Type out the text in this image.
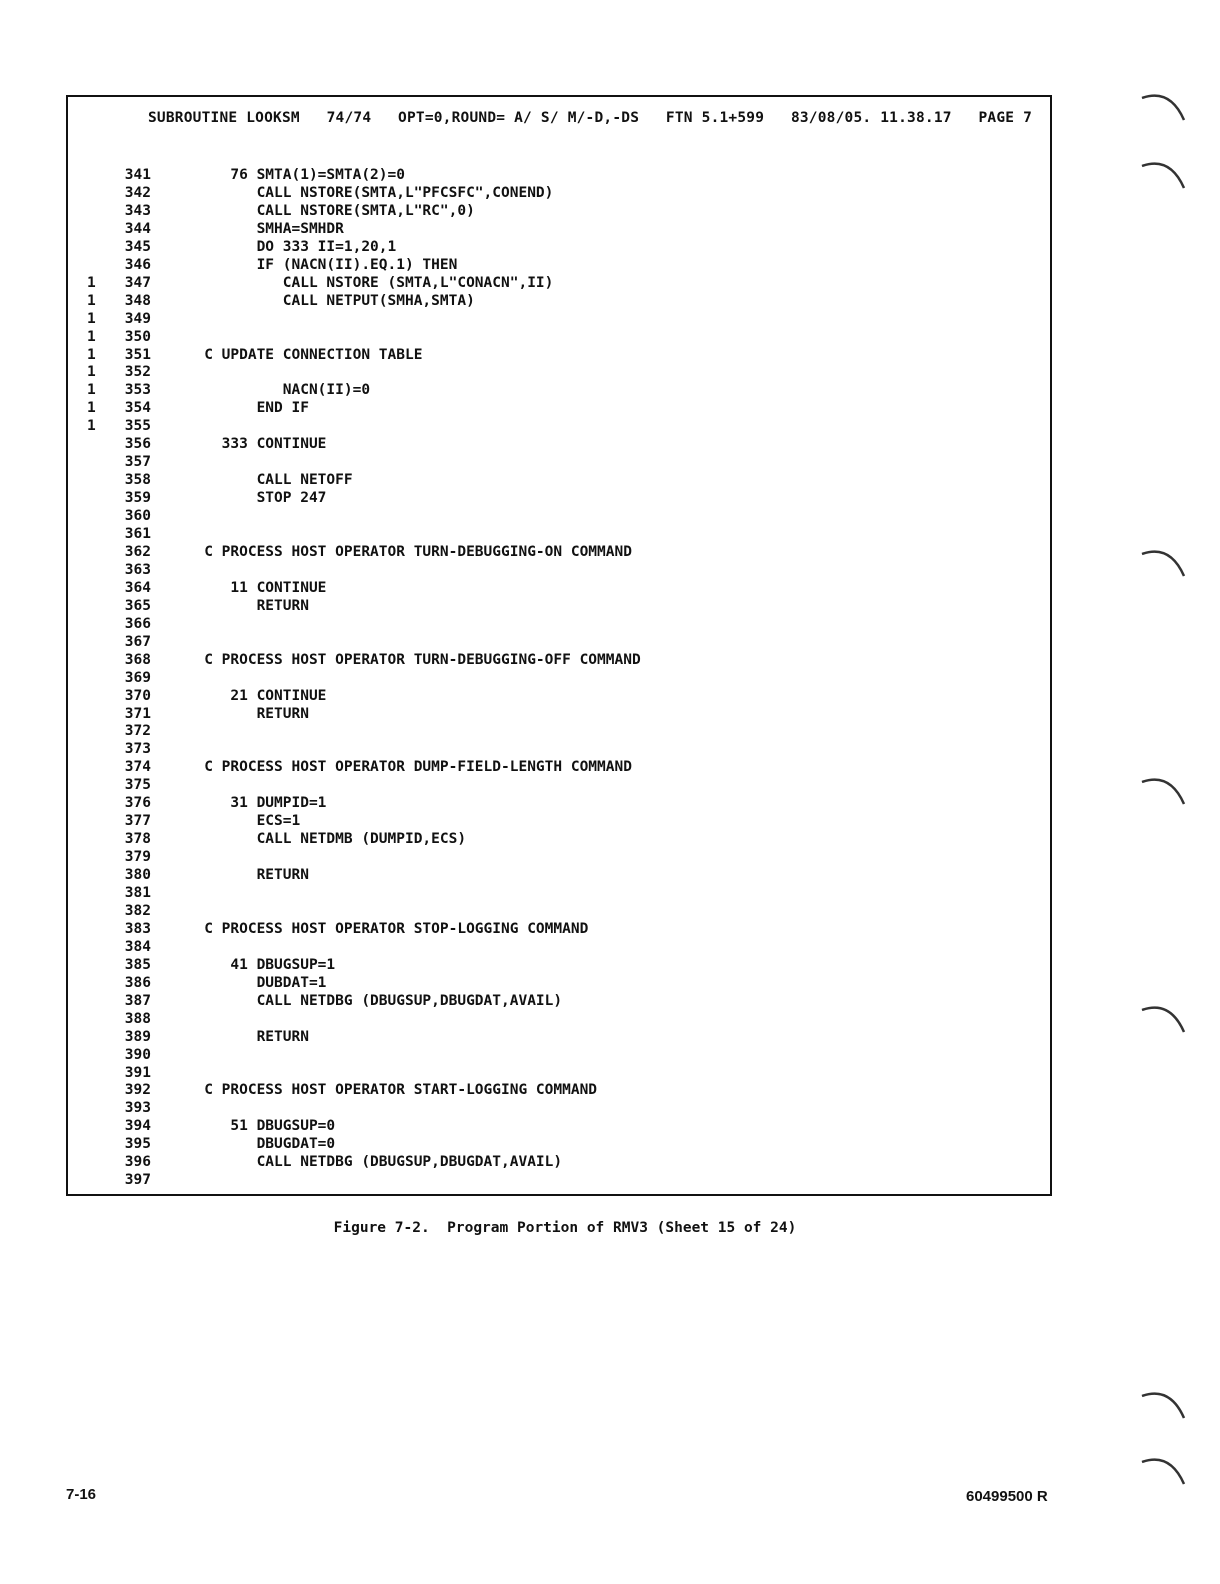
SUBROUTINE LOOKSM   74/74   OPT=0,ROUND= A/ S/ M/-D,-DS   FTN 5.1+599   83/08/05. 11.38.17   PAGE 7
341 76 SMTA(1)=SMTA(2)=0
342 CALL NSTORE(SMTA,L"PFCSFC",CONEND)
343 CALL NSTORE(SMTA,L"RC",0)
344 SMHA=SMHDR
345 DO 333 II=1,20,1
346 IF (NACN(II).EQ.1) THEN
1	347 CALL NSTORE (SMTA,L"CONACN",II)
1	348 CALL NETPUT(SMHA,SMTA)
1	349
1	350
1	351 C UPDATE CONNECTION TABLE
1	352
1	353 NACN(II)=0
1	354 END IF
1	355
356 333 CONTINUE
357
358 CALL NETOFF
359 STOP 247
360
361
362 C PROCESS HOST OPERATOR TURN-DEBUGGING-ON COMMAND
363
364 11 CONTINUE
365 RETURN
366
367
368 C PROCESS HOST OPERATOR TURN-DEBUGGING-OFF COMMAND
369
370 21 CONTINUE
371 RETURN
372
373
374 C PROCESS HOST OPERATOR DUMP-FIELD-LENGTH COMMAND
375
376 31 DUMPID=1
377 ECS=1
378 CALL NETDMB (DUMPID,ECS)
379
380 RETURN
381
382
383 C PROCESS HOST OPERATOR STOP-LOGGING COMMAND
384
385 41 DBUGSUP=1
386 DUBDAT=1
387 CALL NETDBG (DBUGSUP,DBUGDAT,AVAIL)
388
389 RETURN
390
391
392 C PROCESS HOST OPERATOR START-LOGGING COMMAND
393
394 51 DBUGSUP=0
395 DBUGDAT=0
396 CALL NETDBG (DBUGSUP,DBUGDAT,AVAIL)
397
Figure 7-2.  Program Portion of RMV3 (Sheet 15 of 24)
7-16	60499500 R
